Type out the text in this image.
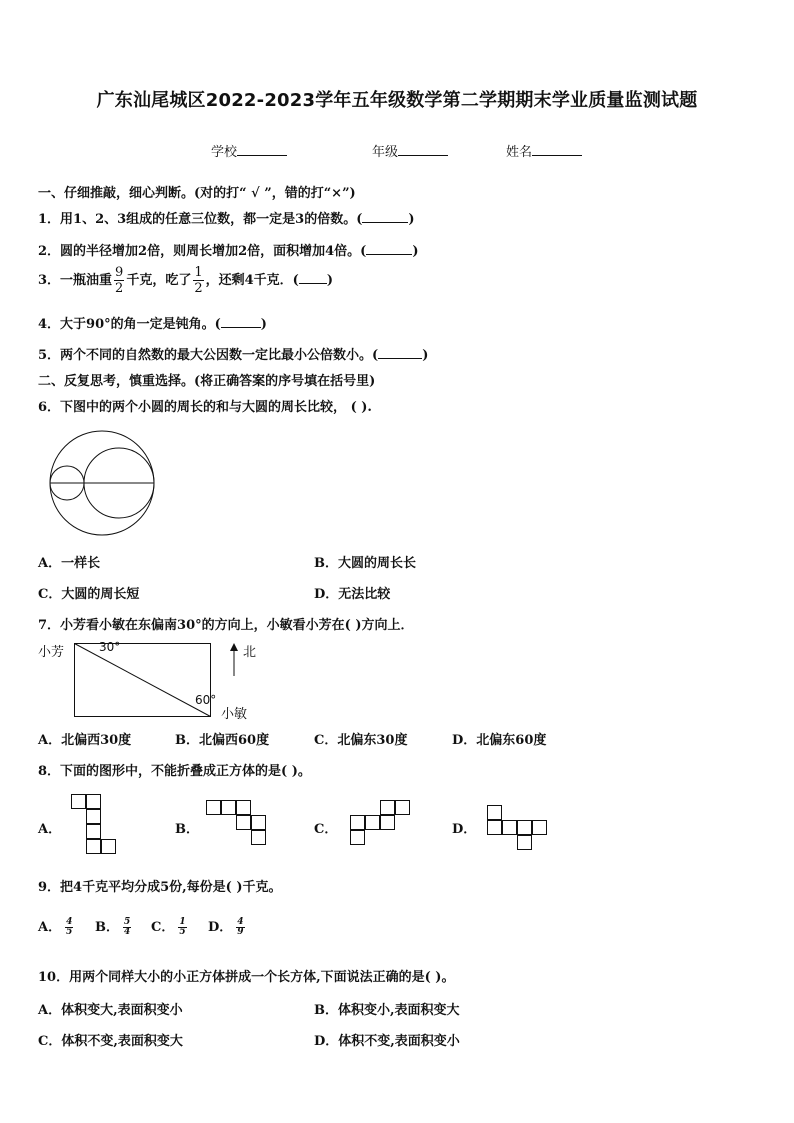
广东汕尾城区2022-2023学年五年级数学第二学期期末学业质量监测试题
学校	年级	姓名
一、仔细推敲，细心判断。(对的打“ √ ”，错的打“×”)
1．用1、2、3组成的任意三位数，都一定是3的倍数。(	)
2．圆的半径增加2倍，则周长增加2倍，面积增加4倍。(	)
3．一瓶油重 $\frac{9}{2}$ 千克，吃了 $\frac{1}{2}$ ，还剩4千克．( )
4．大于90°的角一定是钝角。(	)
5．两个不同的自然数的最大公因数一定比最小公倍数小。(	)
二、反复思考，慎重选择。(将正确答案的序号填在括号里)
6．下图中的两个小圆的周长的和与大圆的周长比较， ( ).
A．一样长	B．大圆的周长长
C．大圆的周长短	D．无法比较
7．小芳看小敏在东偏南30°的方向上，小敏看小芳在( )方向上．
小芳	30°
60°
小敏
北
A．北偏西30度	B．北偏西60度	C．北偏东30度	D．北偏东60度
8．下面的图形中，不能折叠成正方体的是( )。
A．	B．	C．	D．
9．把4千克平均分成5份,每份是( )千克。
A． $\frac{4}{5}$ B． $\frac{5}{4}$ C． $\frac{1}{5}$ D． $\frac{4}{9}$
10．用两个同样大小的小正方体拼成一个长方体,下面说法正确的是( )。
A．体积变大,表面积变小	B．体积变小,表面积变大
C．体积不变,表面积变大	D．体积不变,表面积变小
